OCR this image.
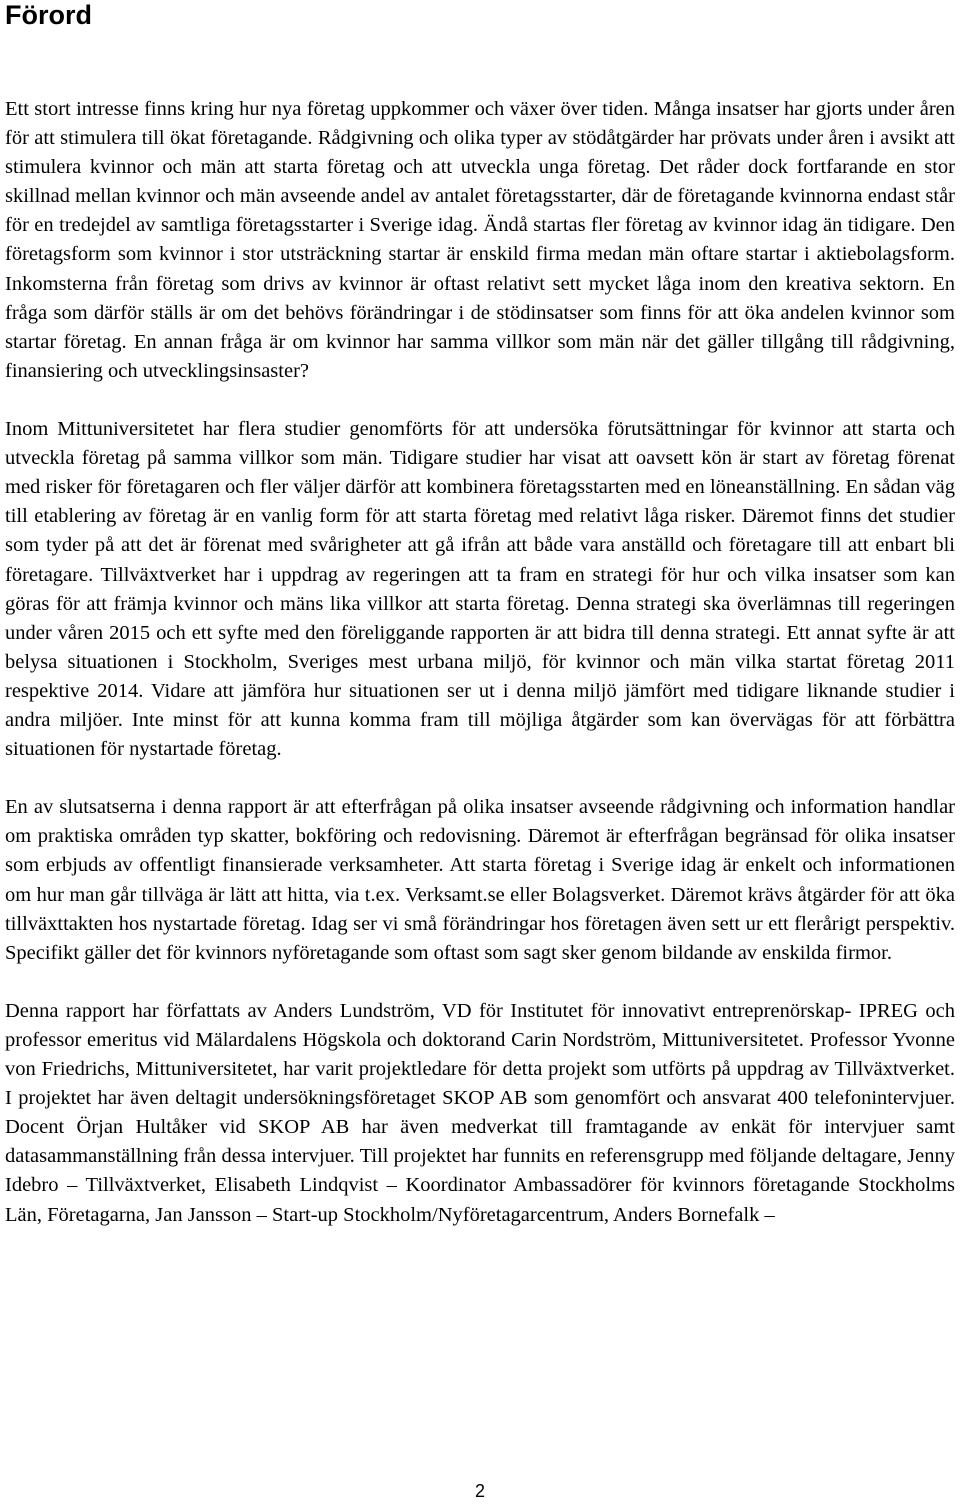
Förord

Ett stort intresse finns kring hur nya företag uppkommer och växer över tiden. Många insatser har gjorts under åren för att stimulera till ökat företagande. Rådgivning och olika typer av stödåtgärder har prövats under åren i avsikt att stimulera kvinnor och män att starta företag och att utveckla unga företag. Det råder dock fortfarande en stor skillnad mellan kvinnor och män avseende andel av antalet företagsstarter, där de företagande kvinnorna endast står för en tredejdel av samtliga företagsstarter i Sverige idag. Ändå startas fler företag av kvinnor idag än tidigare. Den företagsform som kvinnor i stor utsträckning startar är enskild firma medan män oftare startar i aktiebolagsform. Inkomsterna från företag som drivs av kvinnor är oftast relativt sett mycket låga inom den kreativa sektorn. En fråga som därför ställs är om det behövs förändringar i de stödinsatser som finns för att öka andelen kvinnor som startar företag. En annan fråga är om kvinnor har samma villkor som män när det gäller tillgång till rådgivning, finansiering och utvecklingsinsaster?

Inom Mittuniversitetet har flera studier genomförts för att undersöka förutsättningar för kvinnor att starta och utveckla företag på samma villkor som män. Tidigare studier har visat att oavsett kön är start av företag förenat med risker för företagaren och fler väljer därför att kombinera företagsstarten med en löneanställning. En sådan väg till etablering av företag är en vanlig form för att starta företag med relativt låga risker. Däremot finns det studier som tyder på att det är förenat med svårigheter att gå ifrån att både vara anställd och företagare till att enbart bli företagare. Tillväxtverket har i uppdrag av regeringen att ta fram en strategi för hur och vilka insatser som kan göras för att främja kvinnor och mäns lika villkor att starta företag. Denna strategi ska överlämnas till regeringen under våren 2015 och ett syfte med den föreliggande rapporten är att bidra till denna strategi. Ett annat syfte är att belysa situationen i Stockholm, Sveriges mest urbana miljö, för kvinnor och män vilka startat företag 2011 respektive 2014. Vidare att jämföra hur situationen ser ut i denna miljö jämfört med tidigare liknande studier i andra miljöer. Inte minst för att kunna komma fram till möjliga åtgärder som kan övervägas för att förbättra situationen för nystartade företag.

En av slutsatserna i denna rapport är att efterfrågan på olika insatser avseende rådgivning och information handlar om praktiska områden typ skatter, bokföring och redovisning. Däremot är efterfrågan begränsad för olika insatser som erbjuds av offentligt finansierade verksamheter. Att starta företag i Sverige idag är enkelt och informationen om hur man går tillväga är lätt att hitta, via t.ex. Verksamt.se eller Bolagsverket. Däremot krävs åtgärder för att öka tillväxttakten hos nystartade företag. Idag ser vi små förändringar hos företagen även sett ur ett flerårigt perspektiv. Specifikt gäller det för kvinnors nyföretagande som oftast som sagt sker genom bildande av enskilda firmor.

Denna rapport har författats av Anders Lundström, VD för Institutet för innovativt entreprenörskap- IPREG och professor emeritus vid Mälardalens Högskola och doktorand Carin Nordström, Mittuniversitetet. Professor Yvonne von Friedrichs, Mittuniversitetet, har varit projektledare för detta projekt som utförts på uppdrag av Tillväxtverket. I projektet har även deltagit undersökningsföretaget SKOP AB som genomfört och ansvarat 400 telefonintervjuer. Docent Örjan Hultåker vid SKOP AB har även medverkat till framtagande av enkät för intervjuer samt datasammanställning från dessa intervjuer. Till projektet har funnits en referensgrupp med följande deltagare, Jenny Idebro – Tillväxtverket, Elisabeth Lindqvist – Koordinator Ambassadörer för kvinnors företagande Stockholms Län, Företagarna, Jan Jansson – Start-up Stockholm/Nyföretagarcentrum, Anders Bornefalk –

2
